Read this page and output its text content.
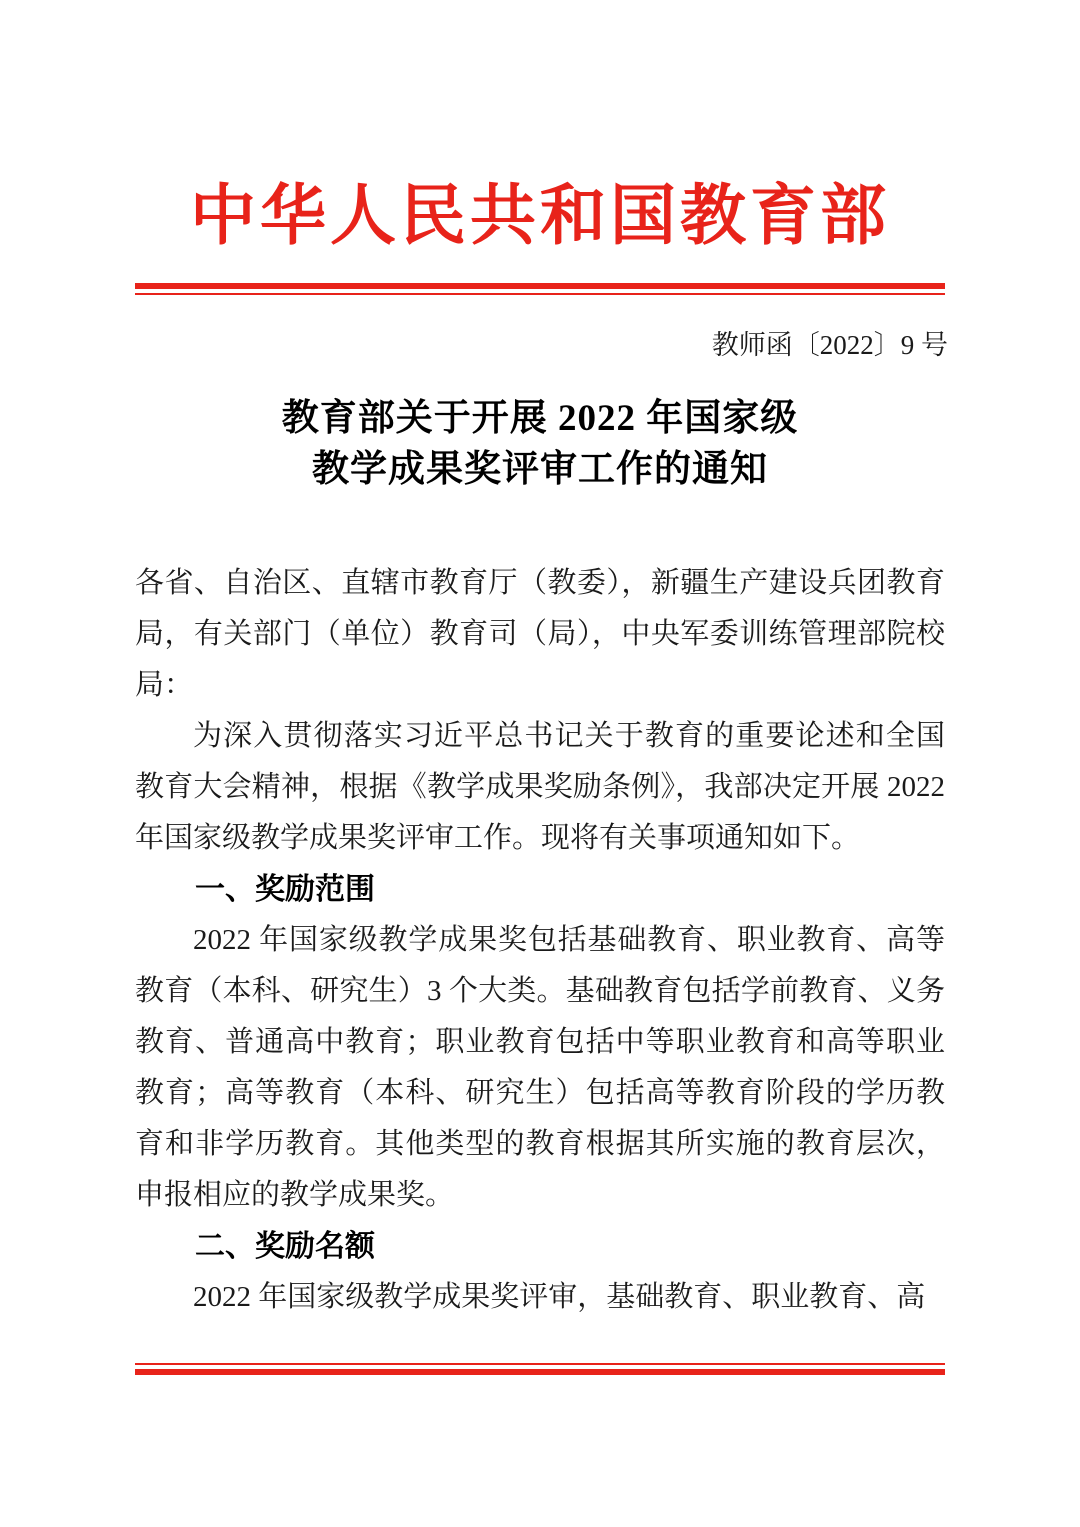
中华人民共和国教育部
教师函〔2022〕9 号
教育部关于开展 2022 年国家级
教学成果奖评审工作的通知

各省、自治区、直辖市教育厅（教委），新疆生产建设兵团教育局，有关部门（单位）教育司（局），中央军委训练管理部院校局：

为深入贯彻落实习近平总书记关于教育的重要论述和全国教育大会精神，根据《教学成果奖励条例》，我部决定开展 2022 年国家级教学成果奖评审工作。现将有关事项通知如下。

一、奖励范围

2022 年国家级教学成果奖包括基础教育、职业教育、高等教育（本科、研究生）3 个大类。基础教育包括学前教育、义务教育、普通高中教育；职业教育包括中等职业教育和高等职业教育；高等教育（本科、研究生）包括高等教育阶段的学历教育和非学历教育。其他类型的教育根据其所实施的教育层次，申报相应的教学成果奖。

二、奖励名额

2022 年国家级教学成果奖评审，基础教育、职业教育、高
